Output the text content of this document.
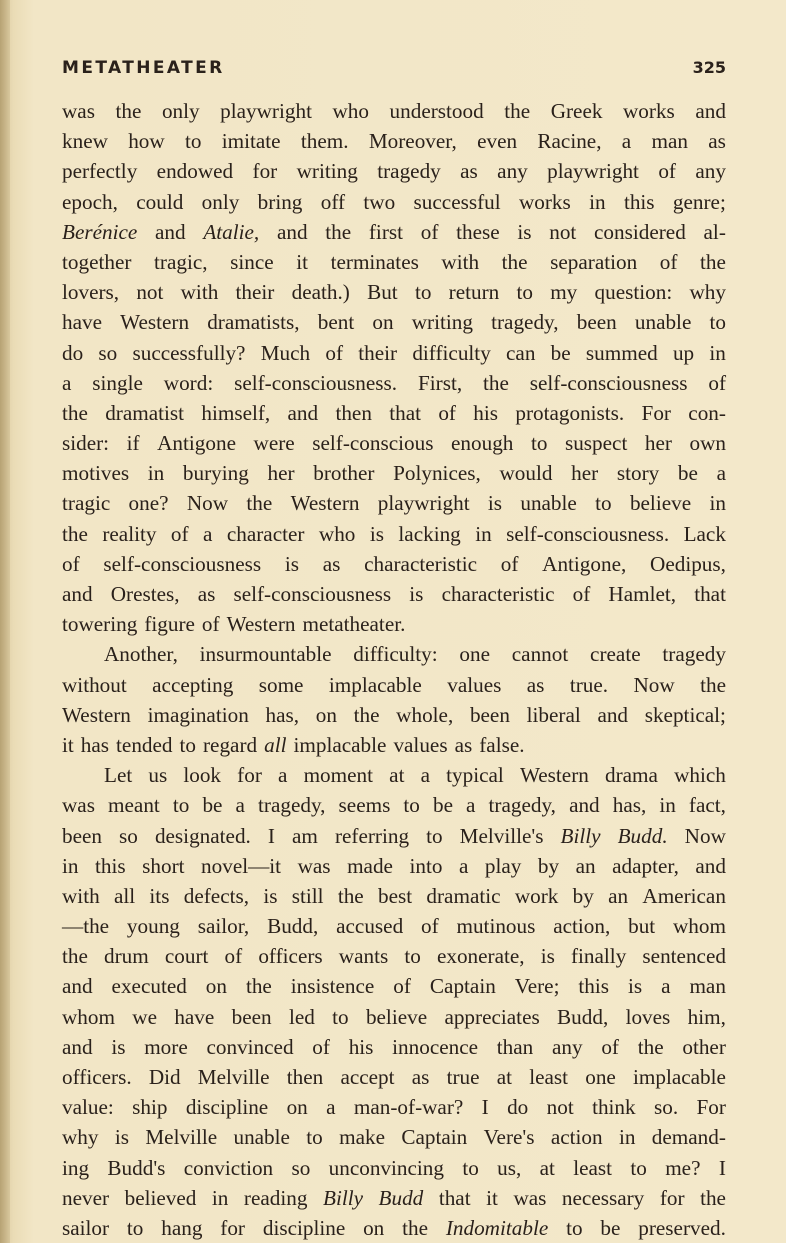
METATHEATER	325
was the only playwright who understood the Greek works and
knew how to imitate them. Moreover, even Racine, a man as
perfectly endowed for writing tragedy as any playwright of any
epoch, could only bring off two successful works in this genre;
Berénice and Atalie, and the first of these is not considered al-
together tragic, since it terminates with the separation of the
lovers, not with their death.) But to return to my question: why
have Western dramatists, bent on writing tragedy, been unable to
do so successfully? Much of their difficulty can be summed up in
a single word: self-consciousness. First, the self-consciousness of
the dramatist himself, and then that of his protagonists. For con-
sider: if Antigone were self-conscious enough to suspect her own
motives in burying her brother Polynices, would her story be a
tragic one? Now the Western playwright is unable to believe in
the reality of a character who is lacking in self-consciousness. Lack
of self-consciousness is as characteristic of Antigone, Oedipus,
and Orestes, as self-consciousness is characteristic of Hamlet, that
towering figure of Western metatheater.
Another, insurmountable difficulty: one cannot create tragedy
without accepting some implacable values as true. Now the
Western imagination has, on the whole, been liberal and skeptical;
it has tended to regard all implacable values as false.
Let us look for a moment at a typical Western drama which
was meant to be a tragedy, seems to be a tragedy, and has, in fact,
been so designated. I am referring to Melville's Billy Budd. Now
in this short novel—it was made into a play by an adapter, and
with all its defects, is still the best dramatic work by an American
—the young sailor, Budd, accused of mutinous action, but whom
the drum court of officers wants to exonerate, is finally sentenced
and executed on the insistence of Captain Vere; this is a man
whom we have been led to believe appreciates Budd, loves him,
and is more convinced of his innocence than any of the other
officers. Did Melville then accept as true at least one implacable
value: ship discipline on a man-of-war? I do not think so. For
why is Melville unable to make Captain Vere's action in demand-
ing Budd's conviction so unconvincing to us, at least to me? I
never believed in reading Billy Budd that it was necessary for the
sailor to hang for discipline on the Indomitable to be preserved.
